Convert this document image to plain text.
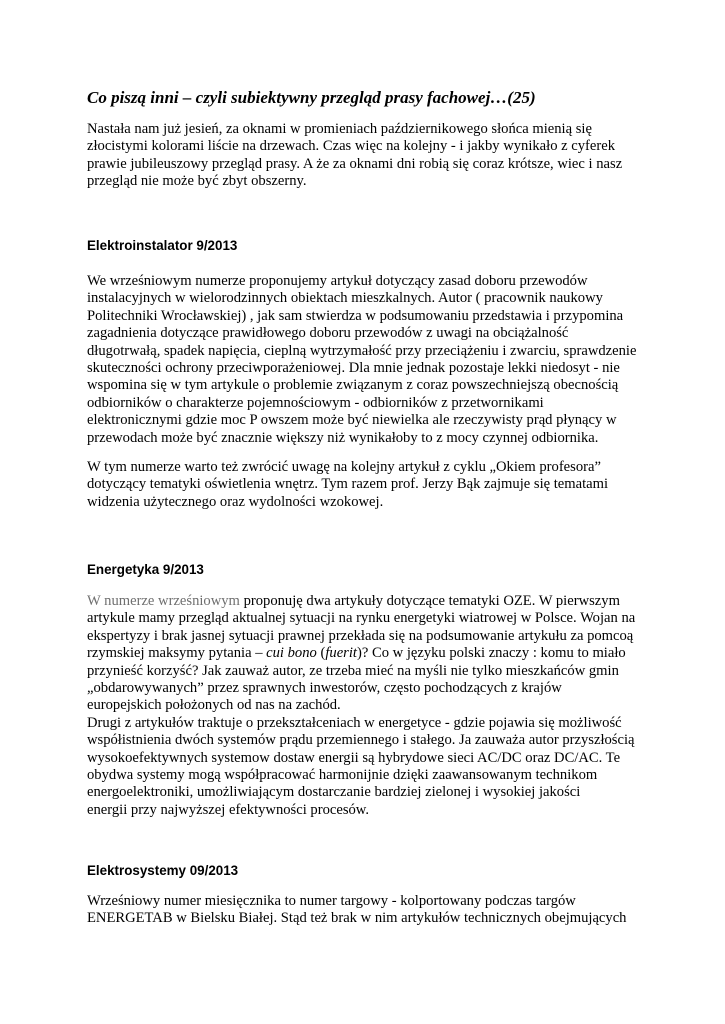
Co piszą inni – czyli subiektywny przegląd prasy fachowej…(25)

Nastała nam już jesień, za oknami w promieniach październikowego słońca mienią się
złocistymi kolorami liście na drzewach. Czas więc na kolejny - i jakby wynikało z cyferek
prawie jubileuszowy przegląd prasy. A że za oknami dni robią się coraz krótsze, wiec i nasz
przegląd nie może być zbyt obszerny.

Elektroinstalator 9/2013

We wrześniowym numerze proponujemy artykuł dotyczący zasad doboru przewodów
instalacyjnych w wielorodzinnych obiektach mieszkalnych. Autor ( pracownik naukowy
Politechniki Wrocławskiej) , jak sam stwierdza w podsumowaniu przedstawia i przypomina
zagadnienia dotyczące prawidłowego doboru przewodów z uwagi na obciążalność
długotrwałą, spadek napięcia, cieplną wytrzymałość przy przeciążeniu i zwarciu, sprawdzenie
skuteczności ochrony przeciwporażeniowej. Dla mnie jednak pozostaje lekki niedosyt - nie
wspomina się w tym artykule o problemie związanym z coraz powszechniejszą obecnością
odbiorników o charakterze pojemnościowym - odbiorników z przetwornikami
elektronicznymi gdzie moc P owszem może być niewielka ale rzeczywisty prąd płynący w
przewodach może być znacznie większy niż wynikałoby to z mocy czynnej odbiornika.

W tym numerze warto też zwrócić uwagę na kolejny artykuł z cyklu „Okiem profesora”
dotyczący tematyki oświetlenia wnętrz. Tym razem prof. Jerzy Bąk zajmuje się tematami
widzenia użytecznego oraz wydolności wzokowej.

Energetyka 9/2013

W numerze wrześniowym proponuję dwa artykuły dotyczące tematyki OZE. W pierwszym
artykule mamy przegląd aktualnej sytuacji na rynku energetyki wiatrowej w Polsce. Wojan na
ekspertyzy i brak jasnej sytuacji prawnej przekłada się na podsumowanie artykułu za pomcoą
rzymskiej maksymy pytania – cui bono (fuerit)? Co w języku polski znaczy : komu to miało
przynieść korzyść? Jak zauważ autor, ze trzeba mieć na myśli nie tylko mieszkańców gmin
„obdarowywanych” przez sprawnych inwestorów, często pochodzących z krajów
europejskich położonych od nas na zachód.
Drugi z artykułów traktuje o przekształceniach w energetyce - gdzie pojawia się możliwość
współistnienia dwóch systemów prądu przemiennego i stałego. Ja zauważa autor przyszłością
wysokoefektywnych systemow dostaw energii są hybrydowe sieci AC/DC oraz DC/AC. Te
obydwa systemy mogą współpracować harmonijnie dzięki zaawansowanym technikom
energoelektroniki, umożliwiającym dostarczanie bardziej zielonej i wysokiej jakości
energii przy najwyższej efektywności procesów.

Elektrosystemy 09/2013

Wrześniowy numer miesięcznika to numer targowy - kolportowany podczas targów
ENERGETAB w Bielsku Białej. Stąd też brak w nim artykułów technicznych obejmujących
